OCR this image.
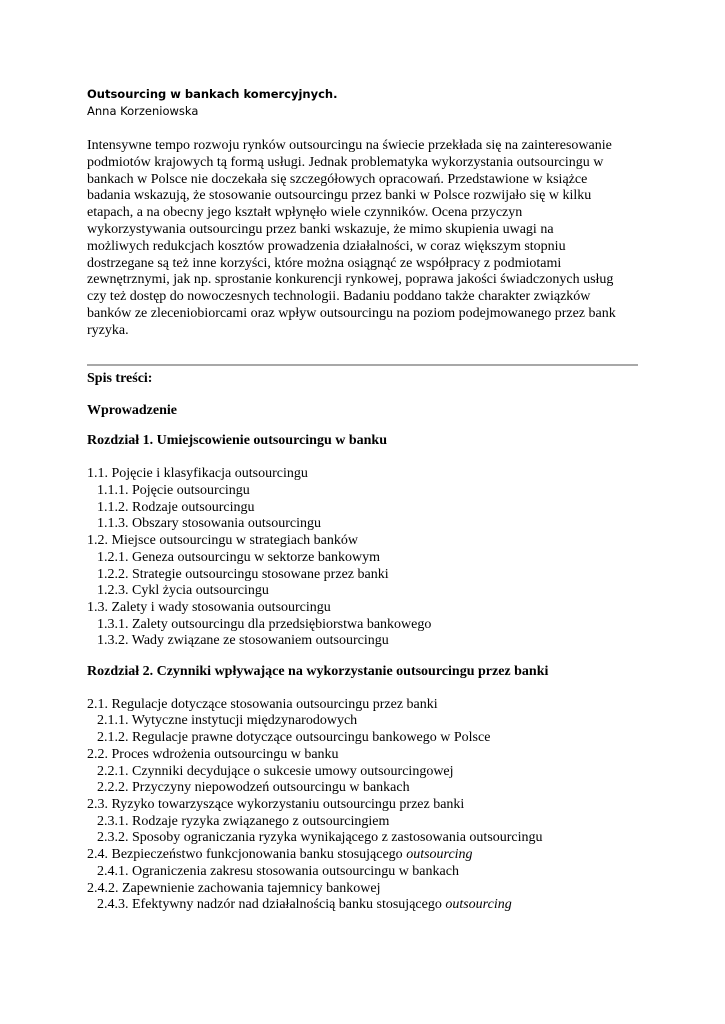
Outsourcing w bankach komercyjnych.
Anna Korzeniowska
Intensywne tempo rozwoju rynków outsourcingu na świecie przekłada się na zainteresowanie
podmiotów krajowych tą formą usługi. Jednak problematyka wykorzystania outsourcingu w
bankach w Polsce nie doczekała się szczegółowych opracowań. Przedstawione w książce
badania wskazują, że stosowanie outsourcingu przez banki w Polsce rozwijało się w kilku
etapach, a na obecny jego kształt wpłynęło wiele czynników. Ocena przyczyn
wykorzystywania outsourcingu przez banki wskazuje, że mimo skupienia uwagi na
możliwych redukcjach kosztów prowadzenia działalności, w coraz większym stopniu
dostrzegane są też inne korzyści, które można osiągnąć ze współpracy z podmiotami
zewnętrznymi, jak np. sprostanie konkurencji rynkowej, poprawa jakości świadczonych usług
czy też dostęp do nowoczesnych technologii. Badaniu poddano także charakter związków
banków ze zleceniobiorcami oraz wpływ outsourcingu na poziom podejmowanego przez bank
ryzyka.
Spis treści:
Wprowadzenie
Rozdział 1. Umiejscowienie outsourcingu w banku
1.1. Pojęcie i klasyfikacja outsourcingu
1.1.1. Pojęcie outsourcingu
1.1.2. Rodzaje outsourcingu
1.1.3. Obszary stosowania outsourcingu
1.2. Miejsce outsourcingu w strategiach banków
1.2.1. Geneza outsourcingu w sektorze bankowym
1.2.2. Strategie outsourcingu stosowane przez banki
1.2.3. Cykl życia outsourcingu
1.3. Zalety i wady stosowania outsourcingu
1.3.1. Zalety outsourcingu dla przedsiębiorstwa bankowego
1.3.2. Wady związane ze stosowaniem outsourcingu
Rozdział 2. Czynniki wpływające na wykorzystanie outsourcingu przez banki
2.1. Regulacje dotyczące stosowania outsourcingu przez banki
2.1.1. Wytyczne instytucji międzynarodowych
2.1.2. Regulacje prawne dotyczące outsourcingu bankowego w Polsce
2.2. Proces wdrożenia outsourcingu w banku
2.2.1. Czynniki decydujące o sukcesie umowy outsourcingowej
2.2.2. Przyczyny niepowodzeń outsourcingu w bankach
2.3. Ryzyko towarzyszące wykorzystaniu outsourcingu przez banki
2.3.1. Rodzaje ryzyka związanego z outsourcingiem
2.3.2. Sposoby ograniczania ryzyka wynikającego z zastosowania outsourcingu
2.4. Bezpieczeństwo funkcjonowania banku stosującego outsourcing
2.4.1. Ograniczenia zakresu stosowania outsourcingu w bankach
2.4.2. Zapewnienie zachowania tajemnicy bankowej
2.4.3. Efektywny nadzór nad działalnością banku stosującego outsourcing
